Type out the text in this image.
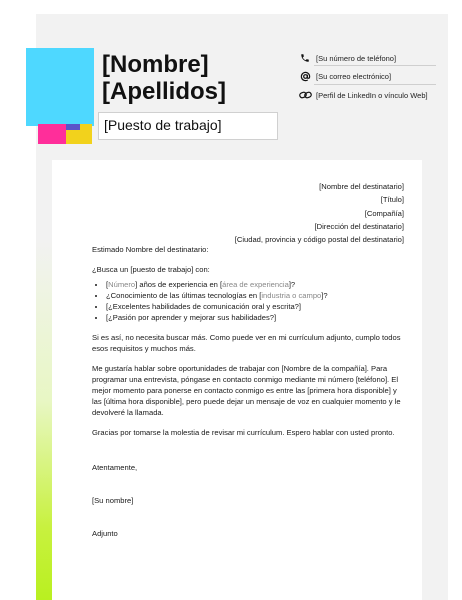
[Nombre]
[Apellidos]
[Puesto de trabajo]
[Su número de teléfono]
[Su correo electrónico]
[Perfil de LinkedIn o vínculo Web]
[Nombre del destinatario]
[Título]
[Compañía]
[Dirección del destinatario]
[Ciudad, provincia y código postal del destinatario]

Estimado Nombre del destinatario:

¿Busca un [puesto de trabajo] con:

• [Número] años de experiencia en [área de experiencia]?
• ¿Conocimiento de las últimas tecnologías en [industria o campo]?
• [¿Excelentes habilidades de comunicación oral y escrita?]
• [¿Pasión por aprender y mejorar sus habilidades?]

Si es así, no necesita buscar más. Como puede ver en mi currículum adjunto, cumplo todos esos requisitos y muchos más.

Me gustaría hablar sobre oportunidades de trabajar con [Nombre de la compañía]. Para programar una entrevista, póngase en contacto conmigo mediante mi número [teléfono]. El mejor momento para ponerse en contacto conmigo es entre las [primera hora disponible] y las [última hora disponible], pero puede dejar un mensaje de voz en cualquier momento y le devolveré la llamada.

Gracias por tomarse la molestia de revisar mi currículum. Espero hablar con usted pronto.

Atentamente,

[Su nombre]

Adjunto
